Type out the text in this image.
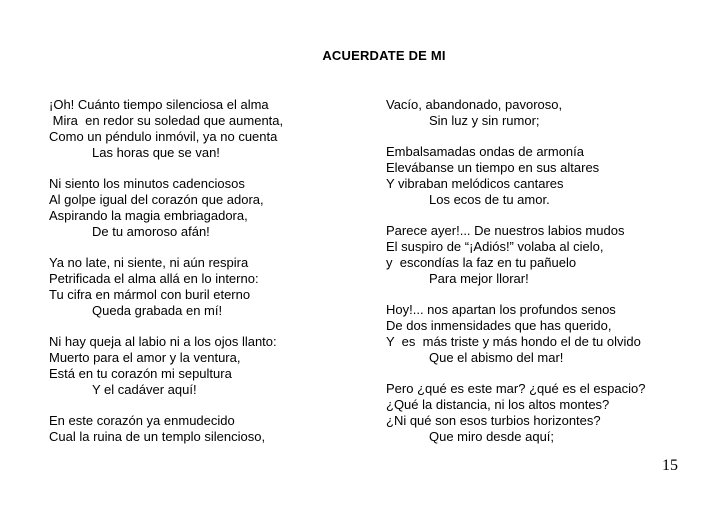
ACUERDATE DE MI
¡Oh! Cuánto tiempo silenciosa el alma
Mira  en redor su soledad que aumenta,
Como un péndulo inmóvil, ya no cuenta
Las horas que se van!
Ni siento los minutos cadenciosos
Al golpe igual del corazón que adora,
Aspirando la magia embriagadora,
De tu amoroso afán!
Ya no late, ni siente, ni aún respira
Petrificada el alma allá en lo interno:
Tu cifra en mármol con buril eterno
Queda grabada en mí!
Ni hay queja al labio ni a los ojos llanto:
Muerto para el amor y la ventura,
Está en tu corazón mi sepultura
Y el cadáver aquí!
En este corazón ya enmudecido
Cual la ruina de un templo silencioso,
Vacío, abandonado, pavoroso,
Sin luz y sin rumor;
Embalsamadas ondas de armonía
Elevábanse un tiempo en sus altares
Y vibraban melódicos cantares
Los ecos de tu amor.
Parece ayer!... De nuestros labios mudos
El suspiro de “¡Adiós!” volaba al cielo,
y  escondías la faz en tu pañuelo
Para mejor llorar!
Hoy!... nos apartan los profundos senos
De dos inmensidades que has querido,
Y  es  más triste y más hondo el de tu olvido
Que el abismo del mar!
Pero ¿qué es este mar? ¿qué es el espacio?
¿Qué la distancia, ni los altos montes?
¿Ni qué son esos turbios horizontes?
Que miro desde aquí;
15
